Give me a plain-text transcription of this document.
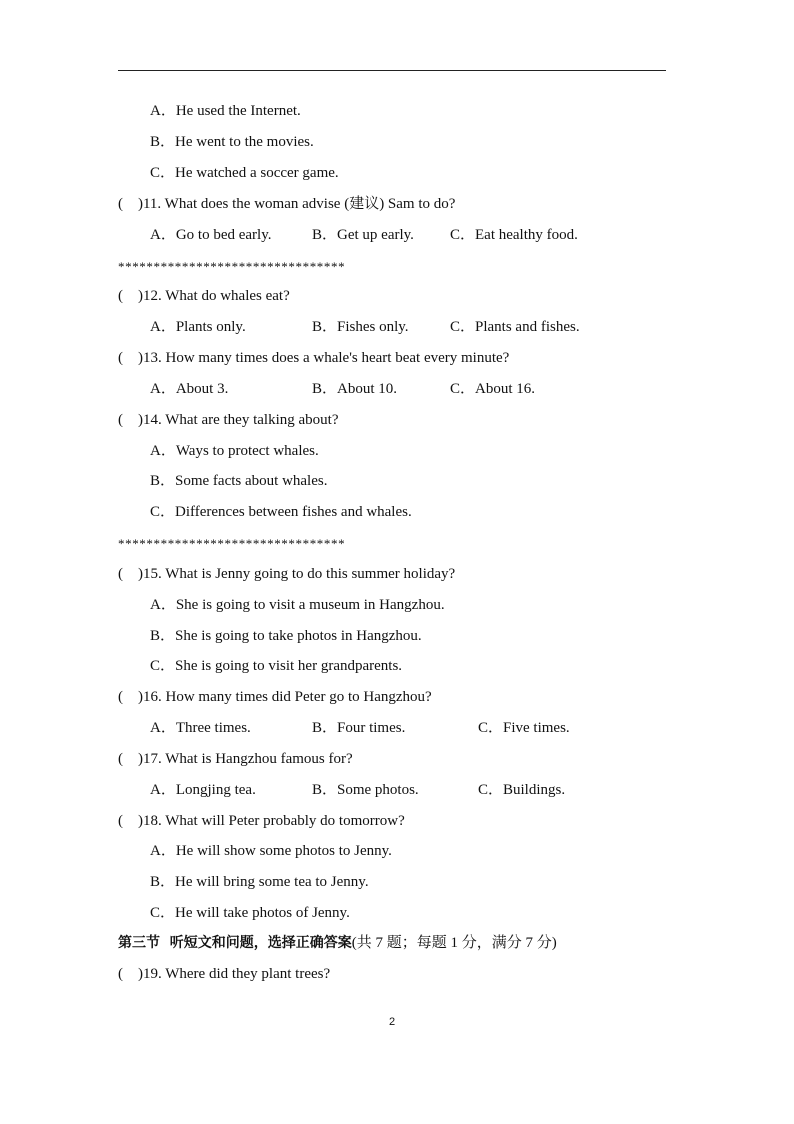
A．He used the Internet.
B．He went to the movies.
C．He watched a soccer game.
(    )11. What does the woman advise (建议) Sam to do?
A．Go to bed early.	B．Get up early. C．Eat healthy food.
********************************
(    )12. What do whales eat?
A．Plants only.	B．Fishes only.	C．Plants and fishes.
(    )13. How many times does a whale's heart beat every minute?
A．About 3.	B．About 10.	C．About 16.
(    )14. What are they talking about?
A．Ways to protect whales.
B．Some facts about whales.
C．Differences between fishes and whales.
********************************
(    )15. What is Jenny going to do this summer holiday?
A．She is going to visit a museum in Hangzhou.
B．She is going to take photos in Hangzhou.
C．She is going to visit her grandparents.
(    )16. How many times did Peter go to Hangzhou?
A．Three times.	B．Four times.	C．Five times.
(    )17. What is Hangzhou famous for?
A．Longjing tea.	B．Some photos.	C．Buildings.
(    )18. What will Peter probably do tomorrow?
A．He will show some photos to Jenny.
B．He will bring some tea to Jenny.
C．He will take photos of Jenny.
第三节  听短文和问题，选择正确答案(共 7 题；每题 1 分，满分 7 分)
(    )19. Where did they plant trees?
2
